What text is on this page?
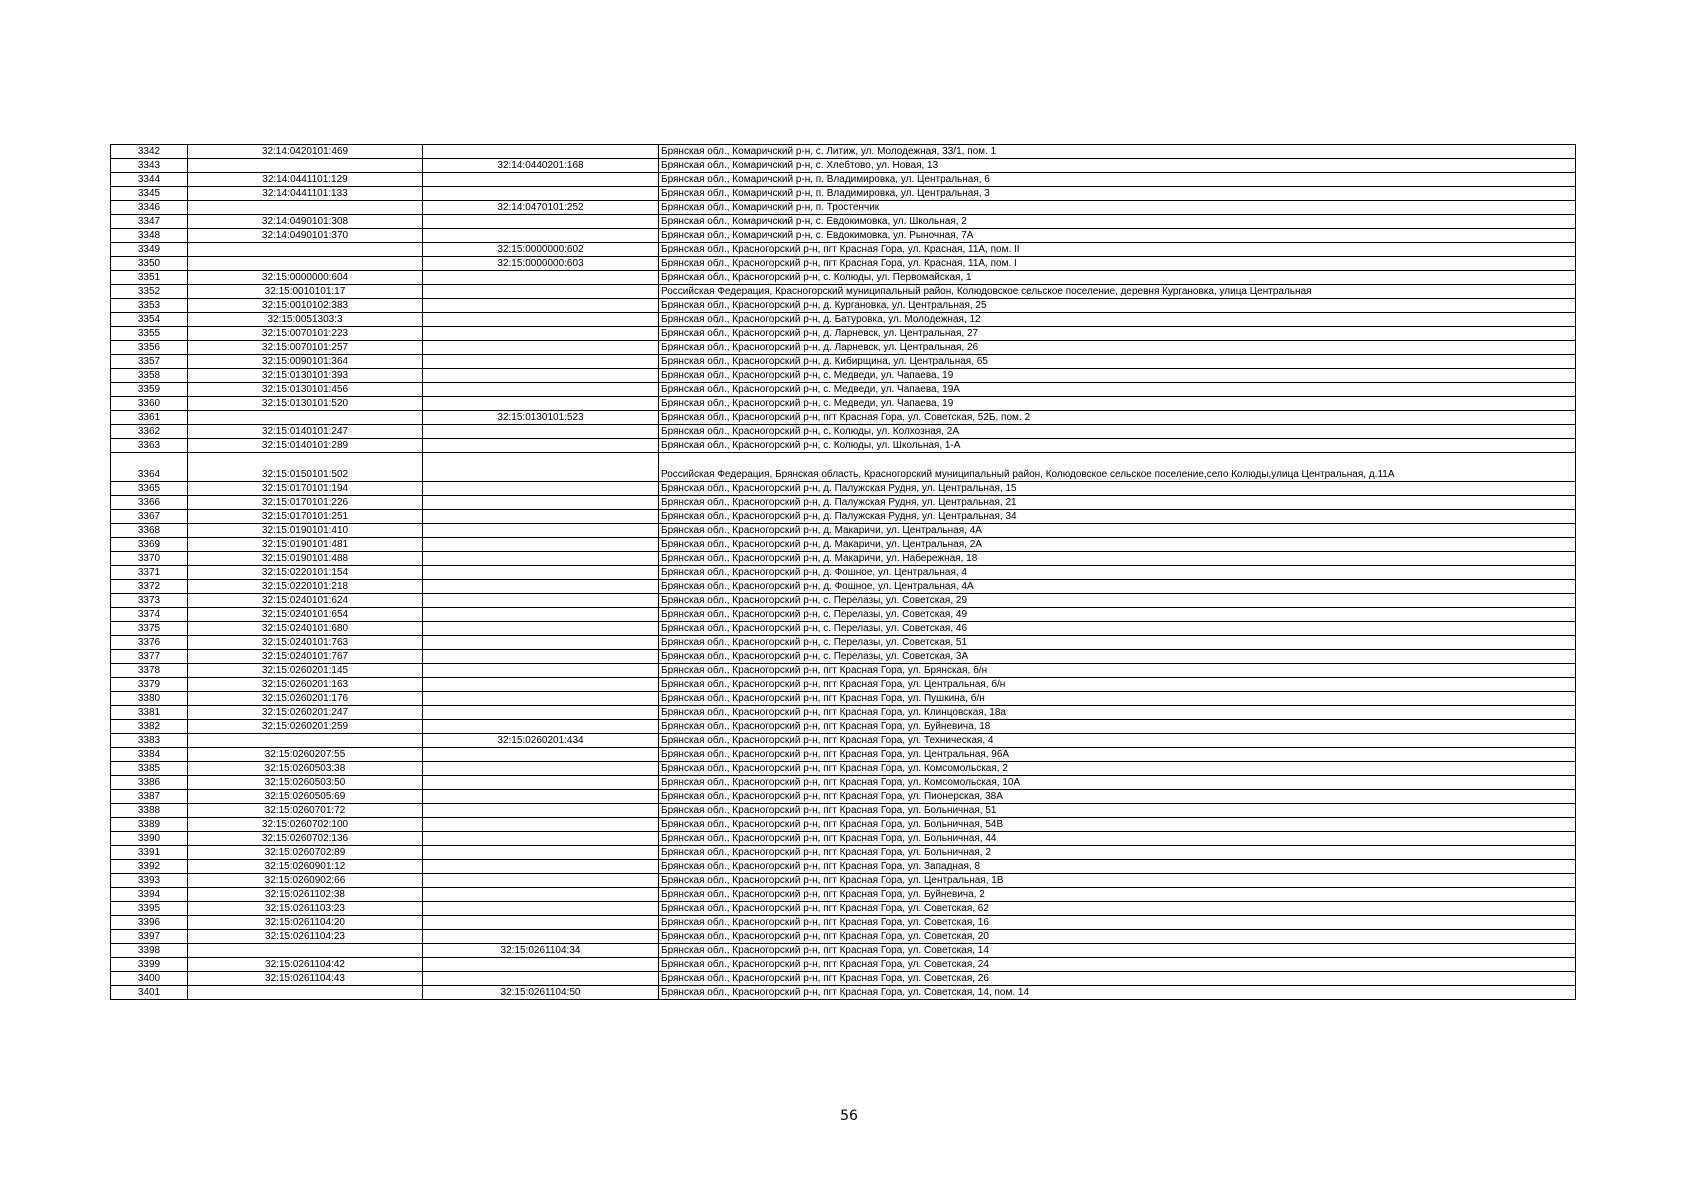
3342	32:14:0420101:469		Брянская обл., Комаричский р-н, с. Литиж, ул. Молодежная, 33/1, пом. 1
3343		32:14:0440201:168	Брянская обл., Комаричский р-н, с. Хлебтово, ул. Новая, 13
3344	32:14:0441101:129		Брянская обл., Комаричский р-н, п. Владимировка, ул. Центральная, 6
3345	32:14:0441101:133		Брянская обл., Комаричский р-н, п. Владимировка, ул. Центральная, 3
3346		32:14:0470101:252	Брянская обл., Комаричский р-н, п. Тростенчик
3347	32:14:0490101:308		Брянская обл., Комаричский р-н, с. Евдокимовка, ул. Школьная, 2
3348	32:14:0490101:370		Брянская обл., Комаричский р-н, с. Евдокимовка, ул. Рыночная, 7А
3349		32:15:0000000:602	Брянская обл., Красногорский р-н, пгт Красная Гора, ул. Красная, 11А, пом. II
3350		32:15:0000000:603	Брянская обл., Красногорский р-н, пгт Красная Гора, ул. Красная, 11А, пом. I
3351	32:15:0000000:604		Брянская обл., Красногорский р-н, с. Колюды, ул. Первомайская, 1
3352	32:15:0010101:17		Российская Федерация, Красногорский муниципальный район, Колюдовское сельское поселение, деревня Кургановка, улица Центральная
3353	32:15:0010102:383		Брянская обл., Красногорский р-н, д. Кургановка, ул. Центральная, 25
3354	32:15:0051303:3		Брянская обл., Красногорский р-н, д. Батуровка, ул. Молодежная, 12
3355	32:15:0070101:223		Брянская обл., Красногорский р-н, д. Ларневск, ул. Центральная, 27
3356	32:15:0070101:257		Брянская обл., Красногорский р-н, д. Ларневск, ул. Центральная, 26
3357	32:15:0090101:364		Брянская обл., Красногорский р-н, д. Кибирщина, ул. Центральная, 65
3358	32:15:0130101:393		Брянская обл., Красногорский р-н, с. Медведи, ул. Чапаева, 19
3359	32:15:0130101:456		Брянская обл., Красногорский р-н, с. Медведи, ул. Чапаева, 19А
3360	32:15:0130101:520		Брянская обл., Красногорский р-н, с. Медведи, ул. Чапаева, 19
3361		32:15:0130101:523	Брянская обл., Красногорский р-н, пгт Красная Гора, ул. Советская, 52Б, пом. 2
3362	32:15:0140101:247		Брянская обл., Красногорский р-н, с. Колюды, ул. Колхозная, 2А
3363	32:15:0140101:289		Брянская обл., Красногорский р-н, с. Колюды, ул. Школьная, 1-А
3364	32:15:0150101:502		Российская Федерация, Брянская область, Красногорский муниципальный район, Колюдовское сельское поселение,село Колюды,улица Центральная, д.11А
3365	32:15:0170101:194		Брянская обл., Красногорский р-н, д. Палужская Рудня, ул. Центральная, 15
3366	32:15:0170101:226		Брянская обл., Красногорский р-н, д. Палужская Рудня, ул. Центральная, 21
3367	32:15:0170101:251		Брянская обл., Красногорский р-н, д. Палужская Рудня, ул. Центральная, 34
3368	32:15:0190101:410		Брянская обл., Красногорский р-н, д. Макаричи, ул. Центральная, 4А
3369	32:15:0190101:481		Брянская обл., Красногорский р-н, д. Макаричи, ул. Центральная, 2А
3370	32:15:0190101:488		Брянская обл., Красногорский р-н, д. Макаричи, ул. Набережная, 18
3371	32:15:0220101:154		Брянская обл., Красногорский р-н, д. Фошное, ул. Центральная, 4
3372	32:15:0220101:218		Брянская обл., Красногорский р-н, д. Фошное, ул. Центральная, 4А
3373	32:15:0240101:624		Брянская обл., Красногорский р-н, с. Перелазы, ул. Советская, 29
3374	32:15:0240101:654		Брянская обл., Красногорский р-н, с. Перелазы, ул. Советская, 49
3375	32:15:0240101:680		Брянская обл., Красногорский р-н, с. Перелазы, ул. Советская, 46
3376	32:15:0240101:763		Брянская обл., Красногорский р-н, с. Перелазы, ул. Советская, 51
3377	32:15:0240101:767		Брянская обл., Красногорский р-н, с. Перелазы, ул. Советская, 3А
3378	32:15:0260201:145		Брянская обл., Красногорский р-н, пгт Красная Гора, ул. Брянская, б/н
3379	32:15:0260201:163		Брянская обл., Красногорский р-н, пгт Красная Гора, ул. Центральная, б/н
3380	32:15:0260201:176		Брянская обл., Красногорский р-н, пгт Красная Гора, ул. Пушкина, б/н
3381	32:15:0260201:247		Брянская обл., Красногорский р-н, пгт Красная Гора, ул. Клинцовская, 18а
3382	32:15:0260201:259		Брянская обл., Красногорский р-н, пгт Красная Гора, ул. Буйневича, 18
3383		32:15:0260201:434	Брянская обл., Красногорский р-н, пгт Красная Гора, ул. Техническая, 4
3384	32:15:0260207:55		Брянская обл., Красногорский р-н, пгт Красная Гора, ул. Центральная, 96А
3385	32:15:0260503:38		Брянская обл., Красногорский р-н, пгт Красная Гора, ул. Комсомольская, 2
3386	32:15:0260503:50		Брянская обл., Красногорский р-н, пгт Красная Гора, ул. Комсомольская, 10А
3387	32:15:0260505:69		Брянская обл., Красногорский р-н, пгт Красная Гора, ул. Пионерская, 38А
3388	32:15:0260701:72		Брянская обл., Красногорский р-н, пгт Красная Гора, ул. Больничная, 51
3389	32:15:0260702:100		Брянская обл., Красногорский р-н, пгт Красная Гора, ул. Больничная, 54В
3390	32:15:0260702:136		Брянская обл., Красногорский р-н, пгт Красная Гора, ул. Больничная, 44
3391	32:15:0260702:89		Брянская обл., Красногорский р-н, пгт Красная Гора, ул. Больничная, 2
3392	32:15:0260901:12		Брянская обл., Красногорский р-н, пгт Красная Гора, ул. Западная, 8
3393	32:15:0260902:66		Брянская обл., Красногорский р-н, пгт Красная Гора, ул. Центральная, 1В
3394	32:15:0261102:38		Брянская обл., Красногорский р-н, пгт Красная Гора, ул. Буйневича, 2
3395	32:15:0261103:23		Брянская обл., Красногорский р-н, пгт Красная Гора, ул. Советская, 62
3396	32:15:0261104:20		Брянская обл., Красногорский р-н, пгт Красная Гора, ул. Советская, 16
3397	32:15:0261104:23		Брянская обл., Красногорский р-н, пгт Красная Гора, ул. Советская, 20
3398		32:15:0261104:34	Брянская обл., Красногорский р-н, пгт Красная Гора, ул. Советская, 14
3399	32:15:0261104:42		Брянская обл., Красногорский р-н, пгт Красная Гора, ул. Советская, 24
3400	32:15:0261104:43		Брянская обл., Красногорский р-н, пгт Красная Гора, ул. Советская, 26
3401		32:15:0261104:50	Брянская обл., Красногорский р-н, пгт Красная Гора, ул. Советская, 14, пом. 14
56
